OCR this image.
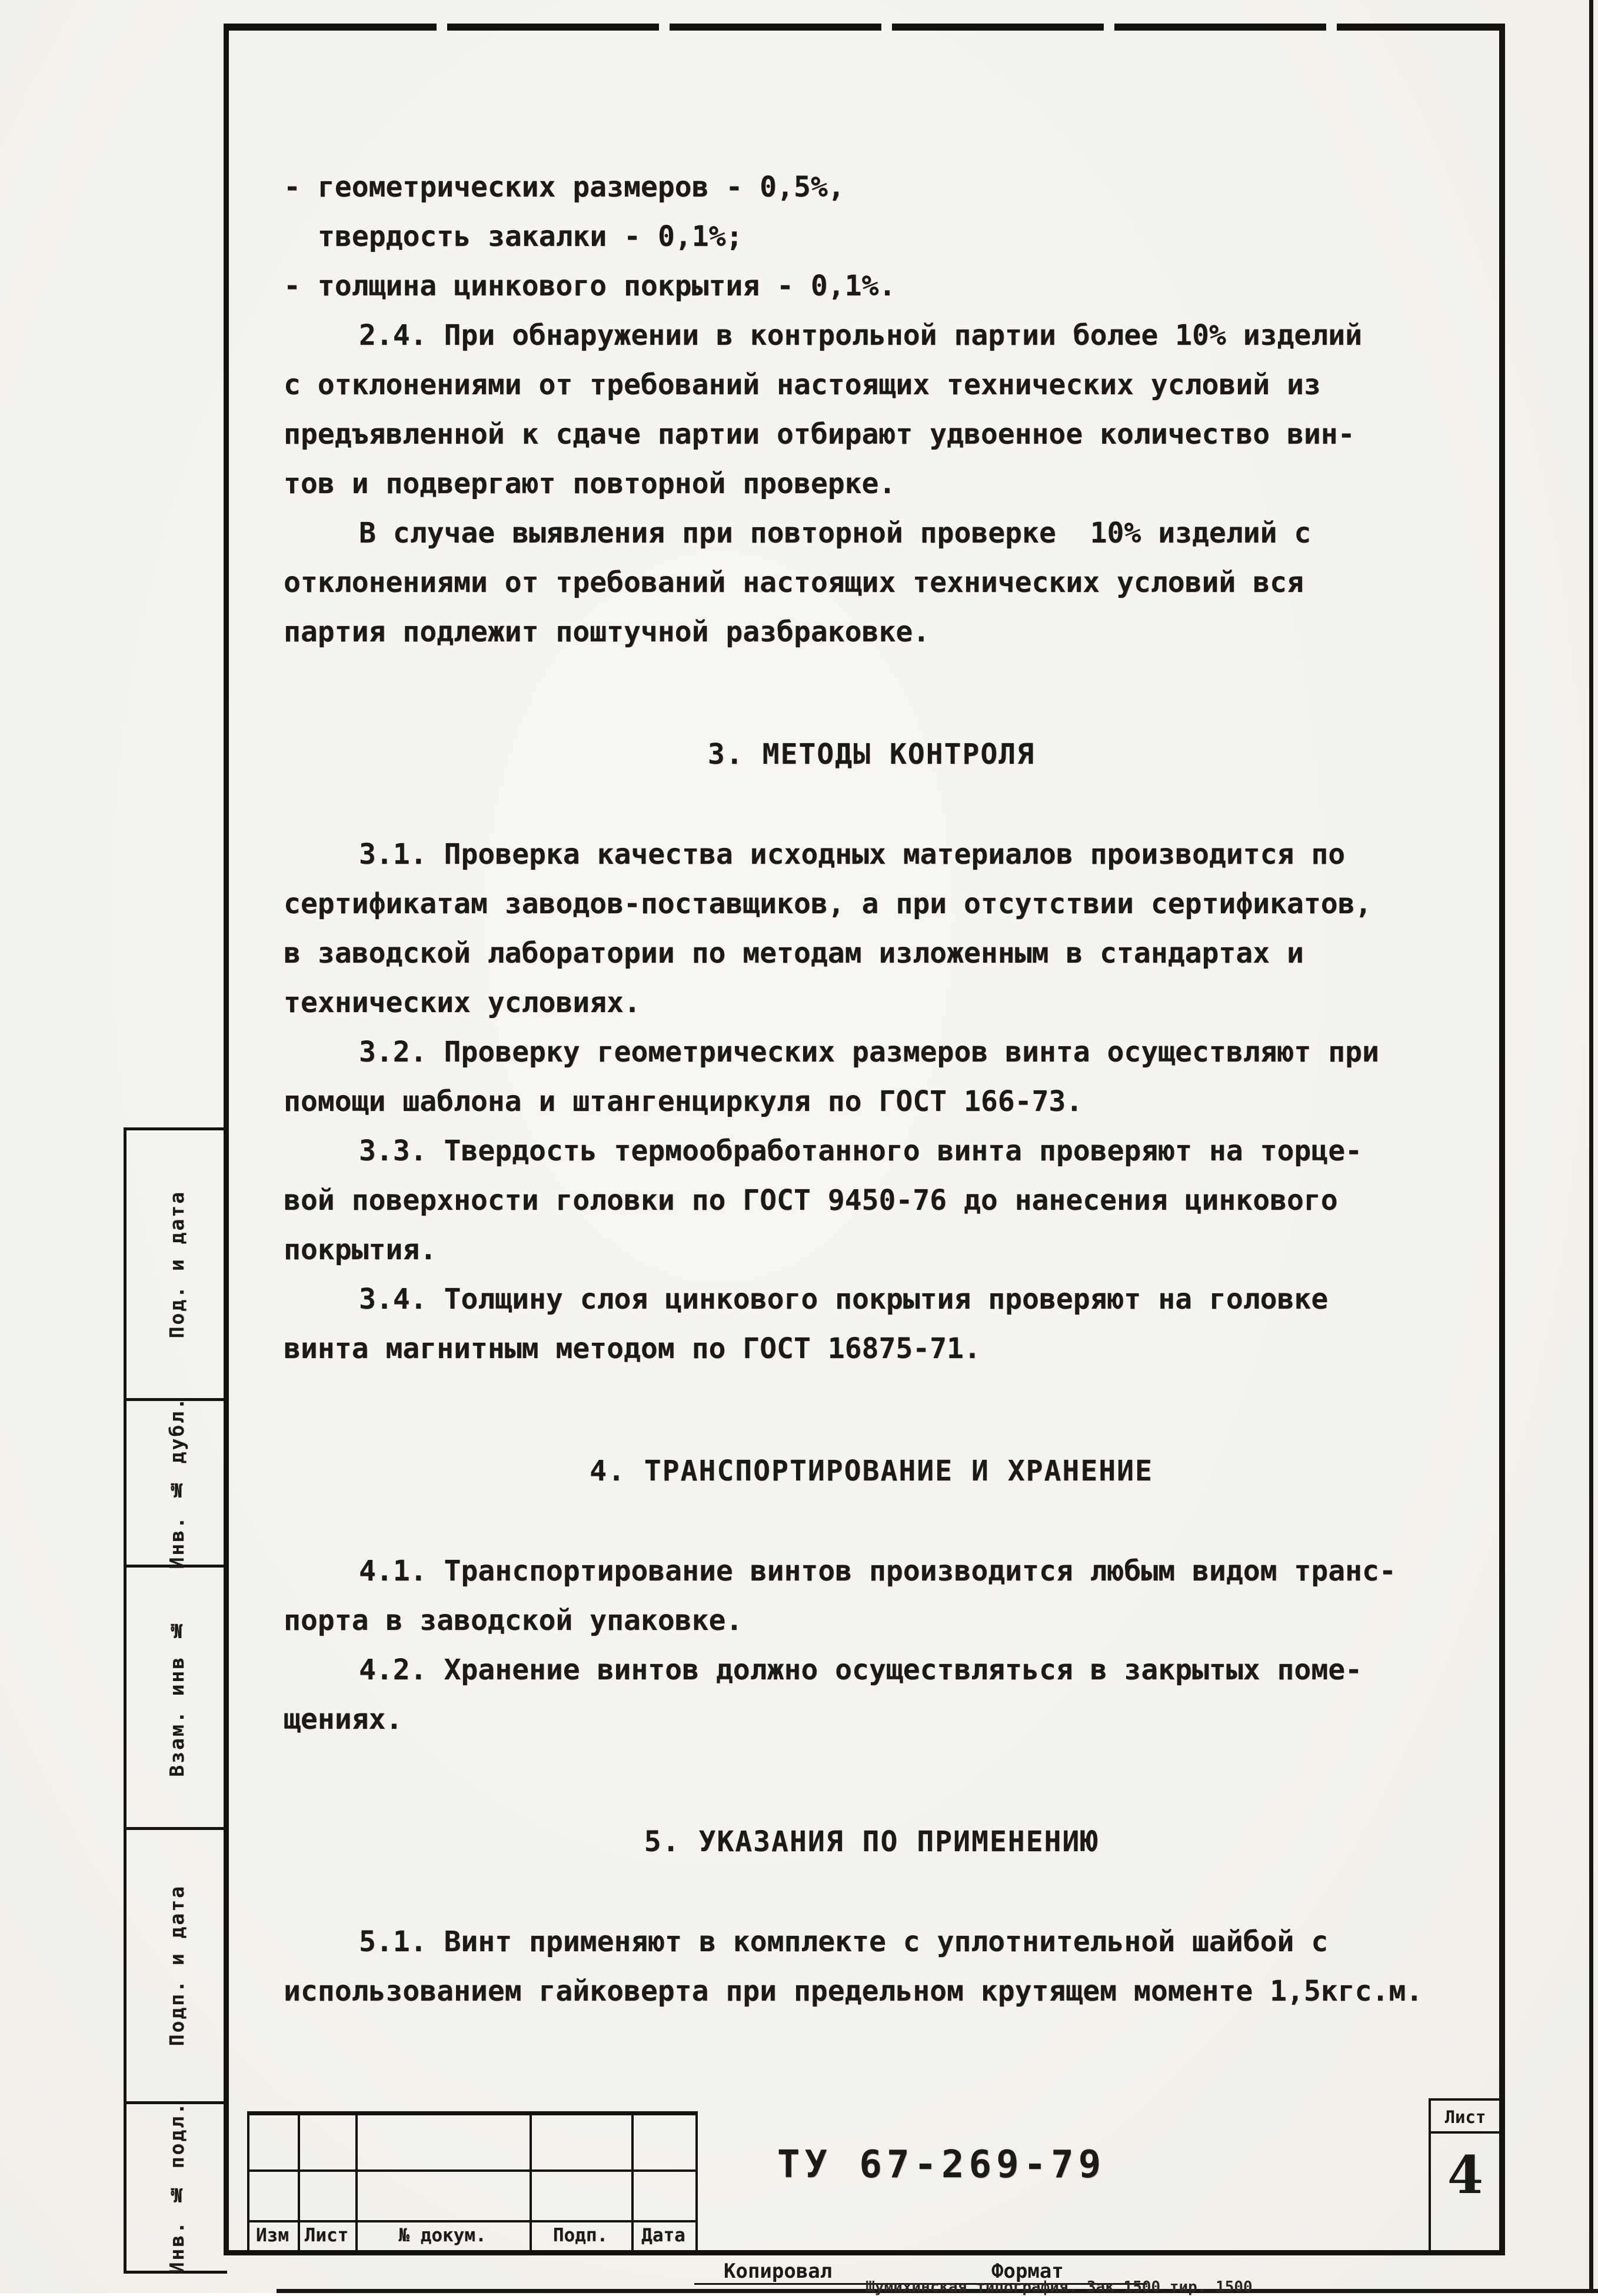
- геометрических размеров - 0,5%,
твердость закалки - 0,1%;
- толщина цинкового покрытия - 0,1%.
2.4. При обнаружении в контрольной партии более 10% изделий
с отклонениями от требований настоящих технических условий из
предъявленной к сдаче партии отбирают удвоенное количество вин-
тов и подвергают повторной проверке.
В случае выявления при повторной проверке  10% изделий с
отклонениями от требований настоящих технических условий вся
партия подлежит поштучной разбраковке.
3. МЕТОДЫ КОНТРОЛЯ
3.1. Проверка качества исходных материалов производится по
сертификатам заводов-поставщиков, а при отсутствии сертификатов,
в заводской лаборатории по методам изложенным в стандартах и
технических условиях.
3.2. Проверку геометрических размеров винта осуществляют при
помощи шаблона и штангенциркуля по ГОСТ 166-73.
3.3. Твердость термообработанного винта проверяют на торце-
вой поверхности головки по ГОСТ 9450-76 до нанесения цинкового
покрытия.
3.4. Толщину слоя цинкового покрытия проверяют на головке
винта магнитным методом по ГОСТ 16875-71.
4. ТРАНСПОРТИРОВАНИЕ И ХРАНЕНИЕ
4.1. Транспортирование винтов производится любым видом транс-
порта в заводской упаковке.
4.2. Хранение винтов должно осуществляться в закрытых поме-
щениях.
5. УКАЗАНИЯ ПО ПРИМЕНЕНИЮ
5.1. Винт применяют в комплекте с уплотнительной шайбой с
использованием гайковерта при предельном крутящем моменте 1,5кгс.м.
Под. и дата
Инв. № дубл.
Взам. инв №
Подп. и дата
Инв. № подл.	Изм Лист	№ докум.	Подп.	Дата
ТУ 67-269-79
Лист
4
Копировал	Формат
Шумихинская типография. Зак 1500 тир. 1500
